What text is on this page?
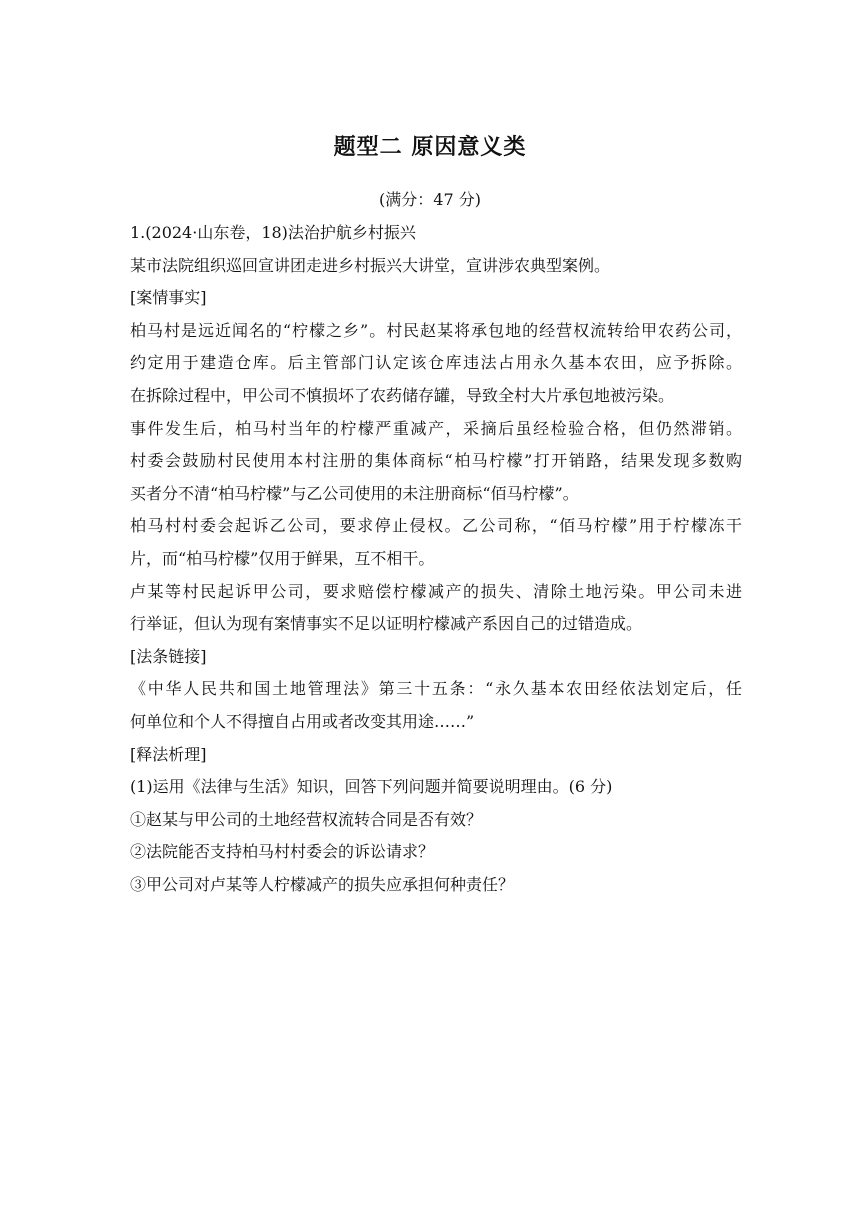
题型二 原因意义类
(满分：47 分)
1.(2024·山东卷，18)法治护航乡村振兴
某市法院组织巡回宣讲团走进乡村振兴大讲堂，宣讲涉农典型案例。
[案情事实]
柏马村是远近闻名的“柠檬之乡”。村民赵某将承包地的经营权流转给甲农药公司，
约定用于建造仓库。后主管部门认定该仓库违法占用永久基本农田，应予拆除。
在拆除过程中，甲公司不慎损坏了农药储存罐，导致全村大片承包地被污染。
事件发生后，柏马村当年的柠檬严重减产，采摘后虽经检验合格，但仍然滞销。
村委会鼓励村民使用本村注册的集体商标“柏马柠檬”打开销路，结果发现多数购
买者分不清“柏马柠檬”与乙公司使用的未注册商标“佰马柠檬”。
柏马村村委会起诉乙公司，要求停止侵权。乙公司称，“佰马柠檬”用于柠檬冻干
片，而“柏马柠檬”仅用于鲜果，互不相干。
卢某等村民起诉甲公司，要求赔偿柠檬减产的损失、清除土地污染。甲公司未进
行举证，但认为现有案情事实不足以证明柠檬减产系因自己的过错造成。
[法条链接]
《中华人民共和国土地管理法》第三十五条：“永久基本农田经依法划定后，任
何单位和个人不得擅自占用或者改变其用途……”
[释法析理]
(1)运用《法律与生活》知识，回答下列问题并简要说明理由。(6 分)
①赵某与甲公司的土地经营权流转合同是否有效？
②法院能否支持柏马村村委会的诉讼请求？
③甲公司对卢某等人柠檬减产的损失应承担何种责任？
